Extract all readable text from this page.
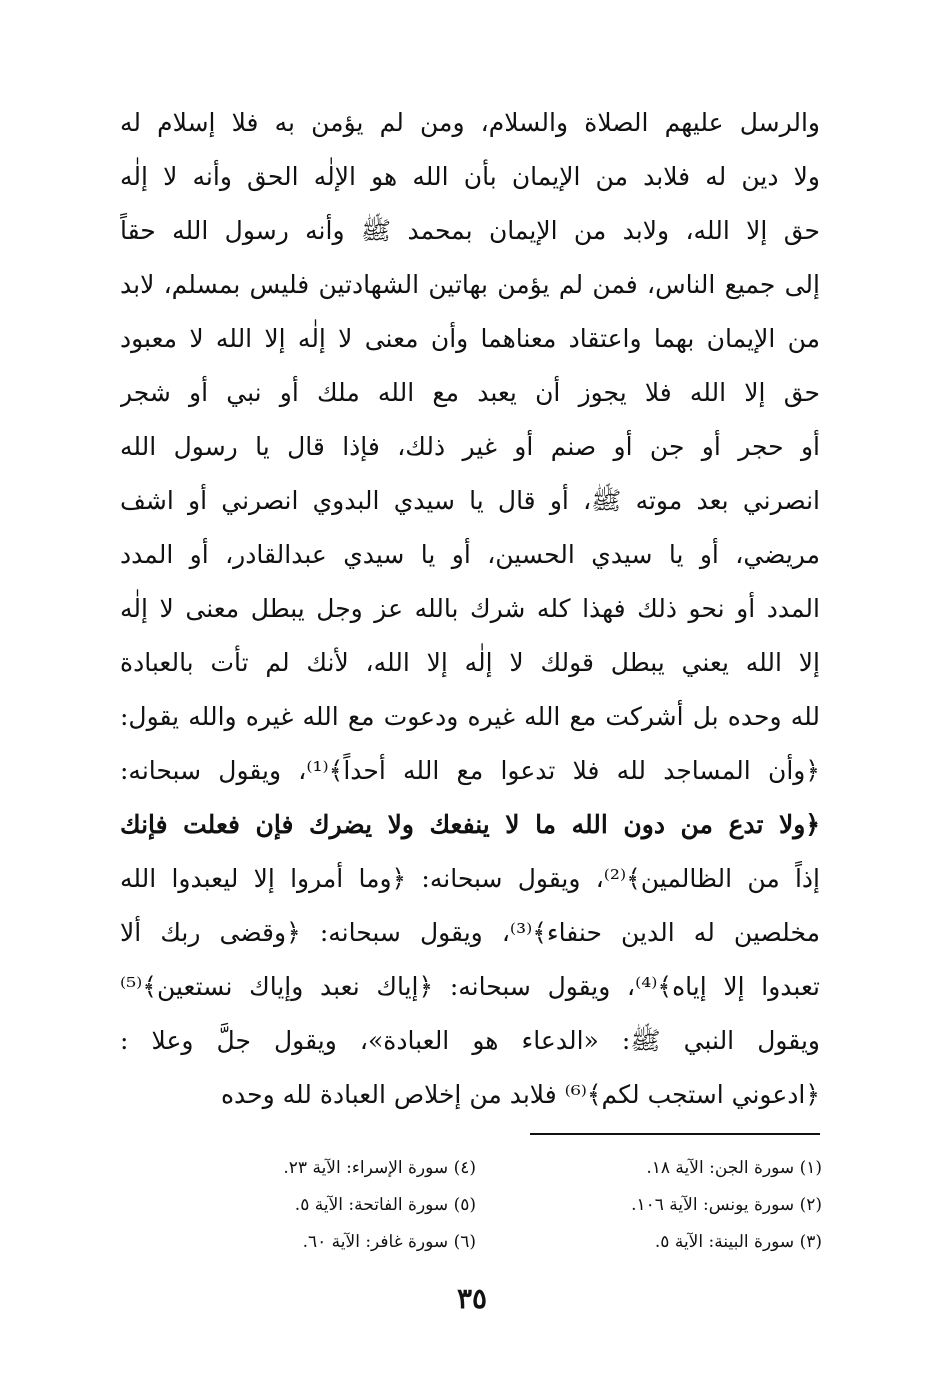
والرسل عليهم الصلاة والسلام، ومن لم يؤمن به فلا إسلام له
ولا دين له فلابد من الإيمان بأن الله هو الإلٰه الحق وأنه لا إلٰه
حق إلا الله، ولابد من الإيمان بمحمد ﷺ وأنه رسول الله حقاً
إلى جميع الناس، فمن لم يؤمن بهاتين الشهادتين فليس بمسلم، لابد
من الإيمان بهما واعتقاد معناهما وأن معنى لا إلٰه إلا الله لا معبود
حق إلا الله فلا يجوز أن يعبد مع الله ملك أو نبي أو شجر
أو حجر أو جن أو صنم أو غير ذلك، فإذا قال يا رسول الله
انصرني بعد موته ﷺ، أو قال يا سيدي البدوي انصرني أو اشف
مريضي، أو يا سيدي الحسين، أو يا سيدي عبدالقادر، أو المدد
المدد أو نحو ذلك فهذا كله شرك بالله عز وجل يبطل معنى لا إلٰه
إلا الله يعني يبطل قولك لا إلٰه إلا الله، لأنك لم تأت بالعبادة
لله وحده بل أشركت مع الله غيره ودعوت مع الله غيره والله يقول:
﴿وأن المساجد لله فلا تدعوا مع الله أحداً﴾⁽¹⁾، ويقول سبحانه:
﴿ولا تدع من دون الله ما لا ينفعك ولا يضرك فإن فعلت فإنك
إذاً من الظالمين﴾⁽²⁾، ويقول سبحانه: ﴿وما أمروا إلا ليعبدوا الله
مخلصين له الدين حنفاء﴾⁽³⁾، ويقول سبحانه: ﴿وقضى ربك ألا
تعبدوا إلا إياه﴾⁽⁴⁾، ويقول سبحانه: ﴿إياك نعبد وإياك نستعين﴾⁽⁵⁾
ويقول النبي ﷺ: «الدعاء هو العبادة»، ويقول جلَّ وعلا :
﴿ادعوني استجب لكم﴾⁽⁶⁾ فلابد من إخلاص العبادة لله وحده
(١) سورة الجن: الآية ١٨.
(٢) سورة يونس: الآية ١٠٦.
(٣) سورة البينة: الآية ٥.
(٤) سورة الإسراء: الآية ٢٣.
(٥) سورة الفاتحة: الآية ٥.
(٦) سورة غافر: الآية ٦٠.
٣٥
